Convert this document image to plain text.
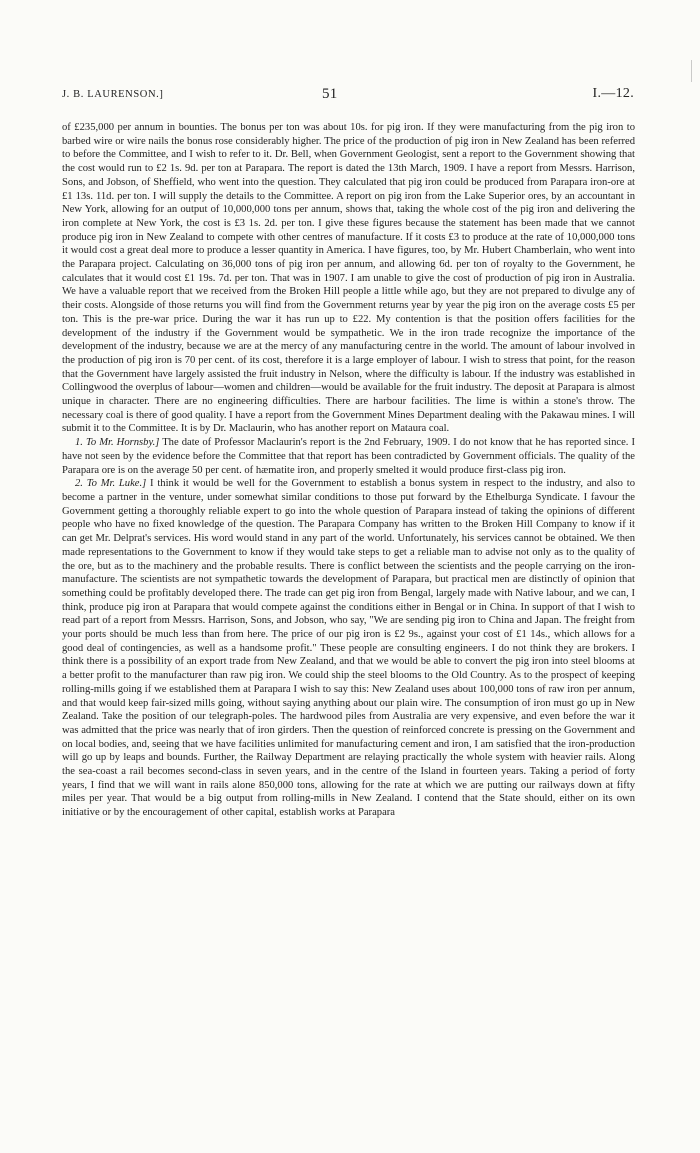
J. B. LAURENSON.]	51	I.—12.

of £235,000 per annum in bounties. The bonus per ton was about 10s. for pig iron. If they were manufacturing from the pig iron to barbed wire or wire nails the bonus rose considerably higher. The price of the production of pig iron in New Zealand has been referred to before the Committee, and I wish to refer to it. Dr. Bell, when Government Geologist, sent a report to the Government showing that the cost would run to £2 1s. 9d. per ton at Parapara. The report is dated the 13th March, 1909. I have a report from Messrs. Harrison, Sons, and Jobson, of Sheffield, who went into the question. They calculated that pig iron could be produced from Parapara iron-ore at £1 13s. 11d. per ton. I will supply the details to the Committee. A report on pig iron from the Lake Superior ores, by an accountant in New York, allowing for an output of 10,000,000 tons per annum, shows that, taking the whole cost of the pig iron and delivering the iron complete at New York, the cost is £3 1s. 2d. per ton. I give these figures because the statement has been made that we cannot produce pig iron in New Zealand to compete with other centres of manufacture. If it costs £3 to produce at the rate of 10,000,000 tons it would cost a great deal more to produce a lesser quantity in America. I have figures, too, by Mr. Hubert Chamberlain, who went into the Parapara project. Calculating on 36,000 tons of pig iron per annum, and allowing 6d. per ton of royalty to the Government, he calculates that it would cost £1 19s. 7d. per ton. That was in 1907. I am unable to give the cost of production of pig iron in Australia. We have a valuable report that we received from the Broken Hill people a little while ago, but they are not prepared to divulge any of their costs. Alongside of those returns you will find from the Government returns year by year the pig iron on the average costs £5 per ton. This is the pre-war price. During the war it has run up to £22. My contention is that the position offers facilities for the development of the industry if the Government would be sympathetic. We in the iron trade recognize the importance of the development of the industry, because we are at the mercy of any manufacturing centre in the world. The amount of labour involved in the production of pig iron is 70 per cent. of its cost, therefore it is a large employer of labour. I wish to stress that point, for the reason that the Government have largely assisted the fruit industry in Nelson, where the difficulty is labour. If the industry was established in Collingwood the overplus of labour—women and children—would be available for the fruit industry. The deposit at Parapara is almost unique in character. There are no engineering difficulties. There are harbour facilities. The lime is within a stone's throw. The necessary coal is there of good quality. I have a report from the Government Mines Department dealing with the Pakawau mines. I will submit it to the Committee. It is by Dr. Maclaurin, who has another report on Mataura coal.

1. To Mr. Hornsby.] The date of Professor Maclaurin's report is the 2nd February, 1909. I do not know that he has reported since. I have not seen by the evidence before the Committee that that report has been contradicted by Government officials. The quality of the Parapara ore is on the average 50 per cent. of hæmatite iron, and properly smelted it would produce first-class pig iron.

2. To Mr. Luke.] I think it would be well for the Government to establish a bonus system in respect to the industry, and also to become a partner in the venture, under somewhat similar conditions to those put forward by the Ethelburga Syndicate. I favour the Government getting a thoroughly reliable expert to go into the whole question of Parapara instead of taking the opinions of different people who have no fixed knowledge of the question. The Parapara Company has written to the Broken Hill Company to know if it can get Mr. Delprat's services. His word would stand in any part of the world. Unfortunately, his services cannot be obtained. We then made representations to the Government to know if they would take steps to get a reliable man to advise not only as to the quality of the ore, but as to the machinery and the probable results. There is conflict between the scientists and the people carrying on the iron-manufacture. The scientists are not sympathetic towards the development of Parapara, but practical men are distinctly of opinion that something could be profitably developed there. The trade can get pig iron from Bengal, largely made with Native labour, and we can, I think, produce pig iron at Parapara that would compete against the conditions either in Bengal or in China. In support of that I wish to read part of a report from Messrs. Harrison, Sons, and Jobson, who say, "We are sending pig iron to China and Japan. The freight from your ports should be much less than from here. The price of our pig iron is £2 9s., against your cost of £1 14s., which allows for a good deal of contingencies, as well as a handsome profit." These people are consulting engineers. I do not think they are brokers. I think there is a possibility of an export trade from New Zealand, and that we would be able to convert the pig iron into steel blooms at a better profit to the manufacturer than raw pig iron. We could ship the steel blooms to the Old Country. As to the prospect of keeping rolling-mills going if we established them at Parapara I wish to say this: New Zealand uses about 100,000 tons of raw iron per annum, and that would keep fair-sized mills going, without saying anything about our plain wire. The consumption of iron must go up in New Zealand. Take the position of our telegraph-poles. The hardwood piles from Australia are very expensive, and even before the war it was admitted that the price was nearly that of iron girders. Then the question of reinforced concrete is pressing on the Government and on local bodies, and, seeing that we have facilities unlimited for manufacturing cement and iron, I am satisfied that the iron-production will go up by leaps and bounds. Further, the Railway Department are relaying practically the whole system with heavier rails. Along the sea-coast a rail becomes second-class in seven years, and in the centre of the Island in fourteen years. Taking a period of forty years, I find that we will want in rails alone 850,000 tons, allowing for the rate at which we are putting our railways down at fifty miles per year. That would be a big output from rolling-mills in New Zealand. I contend that the State should, either on its own initiative or by the encouragement of other capital, establish works at Parapara
